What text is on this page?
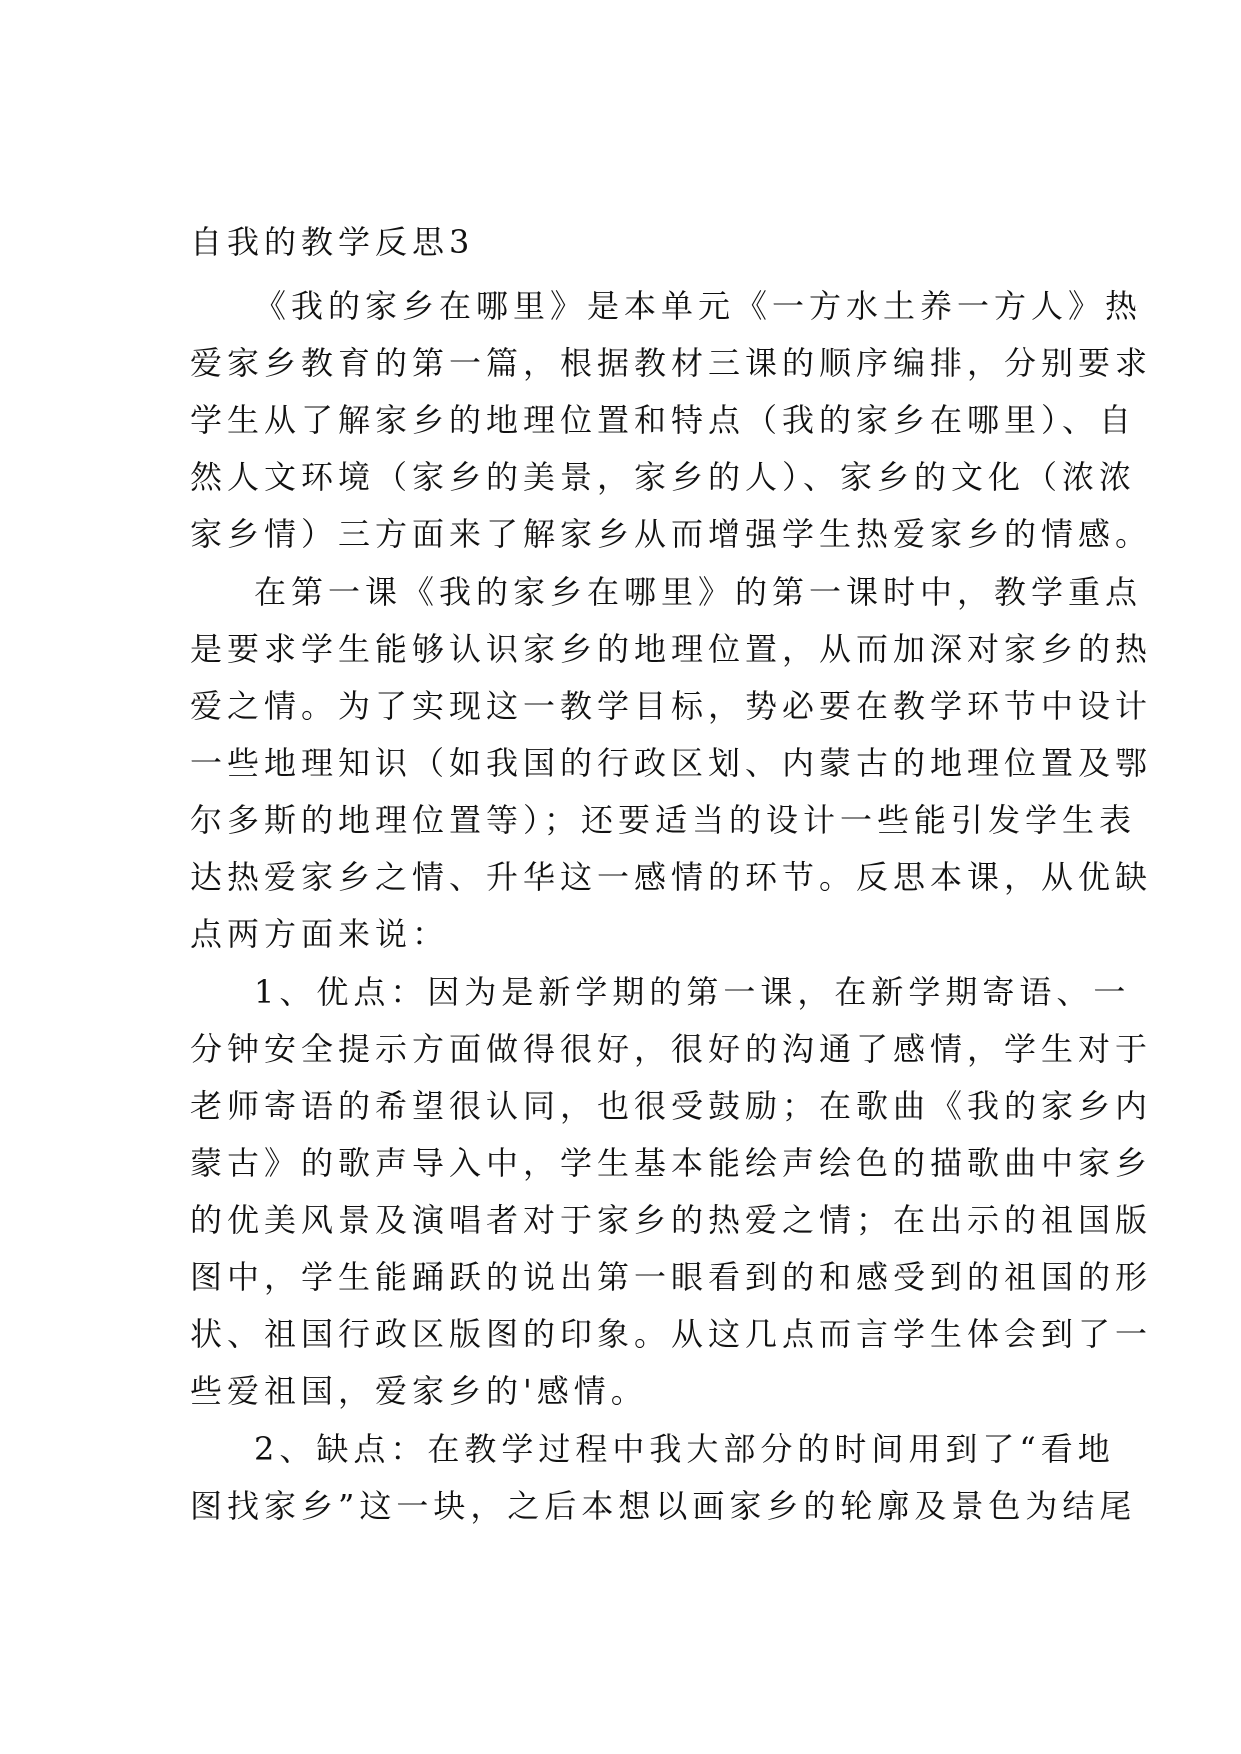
自我的教学反思3
《我的家乡在哪里》是本单元《一方水土养一方人》热
爱家乡教育的第一篇，根据教材三课的顺序编排，分别要求
学生从了解家乡的地理位置和特点（我的家乡在哪里）、自
然人文环境（家乡的美景，家乡的人）、家乡的文化（浓浓
家乡情）三方面来了解家乡从而增强学生热爱家乡的情感。
在第一课《我的家乡在哪里》的第一课时中，教学重点
是要求学生能够认识家乡的地理位置，从而加深对家乡的热
爱之情。为了实现这一教学目标，势必要在教学环节中设计
一些地理知识（如我国的行政区划、内蒙古的地理位置及鄂
尔多斯的地理位置等）；还要适当的设计一些能引发学生表
达热爱家乡之情、升华这一感情的环节。反思本课，从优缺
点两方面来说：
1、优点：因为是新学期的第一课，在新学期寄语、一
分钟安全提示方面做得很好，很好的沟通了感情，学生对于
老师寄语的希望很认同，也很受鼓励；在歌曲《我的家乡内
蒙古》的歌声导入中，学生基本能绘声绘色的描歌曲中家乡
的优美风景及演唱者对于家乡的热爱之情；在出示的祖国版
图中，学生能踊跃的说出第一眼看到的和感受到的祖国的形
状、祖国行政区版图的印象。从这几点而言学生体会到了一
些爱祖国，爱家乡的'感情。
2、缺点：在教学过程中我大部分的时间用到了“看地
图找家乡”这一块，之后本想以画家乡的轮廓及景色为结尾
